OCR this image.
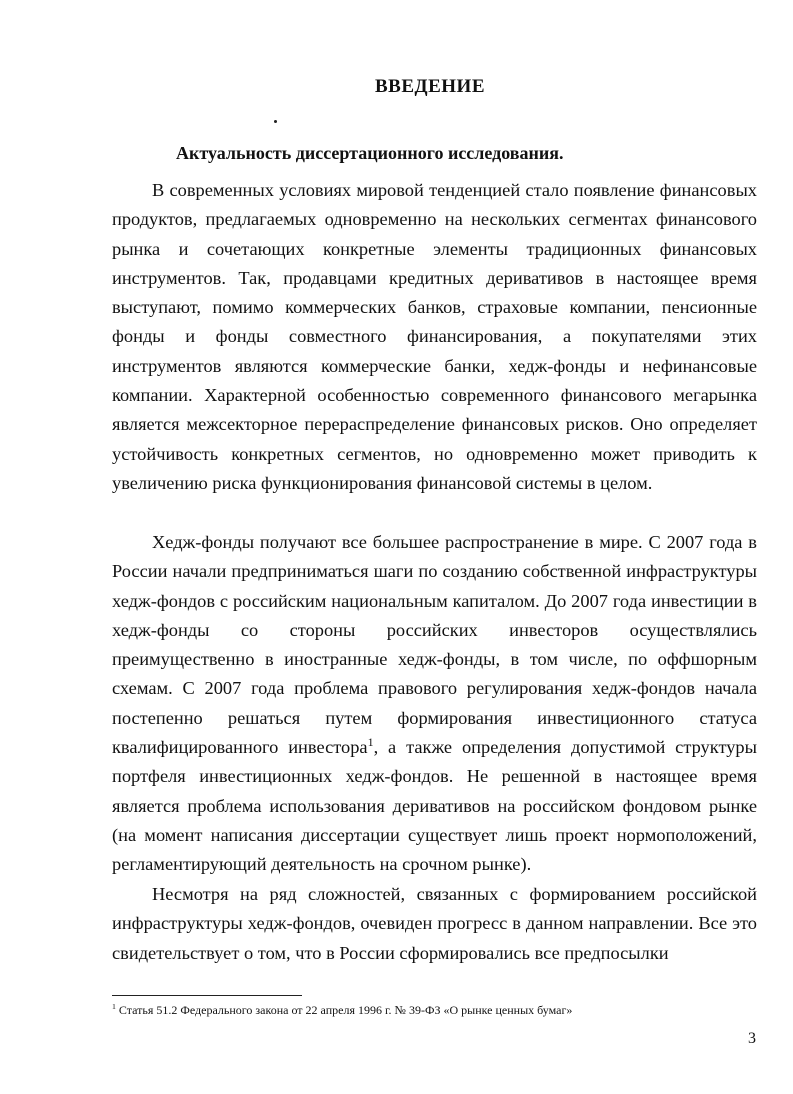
ВВЕДЕНИЕ
Актуальность диссертационного исследования.

В современных условиях мировой тенденцией стало появление финансовых продуктов, предлагаемых одновременно на нескольких сегментах финансового рынка и сочетающих конкретные элементы традиционных финансовых инструментов. Так, продавцами кредитных деривативов в настоящее время выступают, помимо коммерческих банков, страховые компании, пенсионные фонды и фонды совместного финансирования, а покупателями этих инструментов являются коммерческие банки, хедж-фонды и нефинансовые компании. Характерной особенностью современного финансового мегарынка является межсекторное перераспределение финансовых рисков. Оно определяет устойчивость конкретных сегментов, но одновременно может приводить к увеличению риска функционирования финансовой системы в целом.

Хедж-фонды получают все большее распространение в мире. С 2007 года в России начали предприниматься шаги по созданию собственной инфраструктуры хедж-фондов с российским национальным капиталом. До 2007 года инвестиции в хедж-фонды со стороны российских инвесторов осуществлялись преимущественно в иностранные хедж-фонды, в том числе, по оффшорным схемам. С 2007 года проблема правового регулирования хедж-фондов начала постепенно решаться путем формирования инвестиционного статуса квалифицированного инвестора$^1$, а также определения допустимой структуры портфеля инвестиционных хедж-фондов. Не решенной в настоящее время является проблема использования деривативов на российском фондовом рынке (на момент написания диссертации существует лишь проект нормоположений, регламентирующий деятельность на срочном рынке).

Несмотря на ряд сложностей, связанных с формированием российской инфраструктуры хедж-фондов, очевиден прогресс в данном направлении. Все это свидетельствует о том, что в России сформировались все предпосылки

$^1$ Статья 51.2 Федерального закона от 22 апреля 1996 г. № 39-ФЗ «О рынке ценных бумаг»
3
